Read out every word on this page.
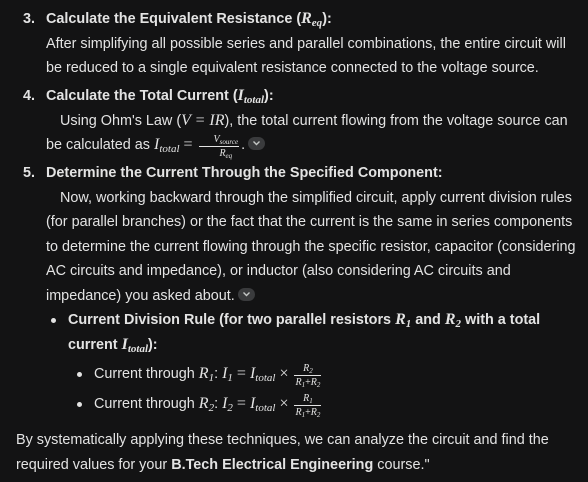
3. Calculate the Equivalent Resistance $(R_{eq})$:

After simplifying all possible series and parallel combinations, the entire circuit will be reduced to a single equivalent resistance connected to the voltage source.

4. Calculate the Total Current $(I_{total})$:

Using Ohm's Law (V = IR), the total current flowing from the voltage source can be calculated as $I_{total} = \frac{V_{source}}{R_{eq}}$ .

5. Determine the Current Through the Specified Component:

Now, working backward through the simplified circuit, apply current division rules (for parallel branches) or the fact that the current is the same in series components to determine the current flowing through the specific resistor, capacitor (considering AC circuits and impedance), or inductor (also considering AC circuits and impedance) you asked about.

Current Division Rule (for two parallel resistors $R_1$ and $R_2$ with a total current $I_{total}$):
Current through $R_1$: $I_1 = I_{total} \times \frac{R_2}{R_1+R_2}$
Current through $R_2$: $I_2 = I_{total} \times \frac{R_1}{R_1+R_2}$

By systematically applying these techniques, we can analyze the circuit and find the required values for your B.Tech Electrical Engineering course."
